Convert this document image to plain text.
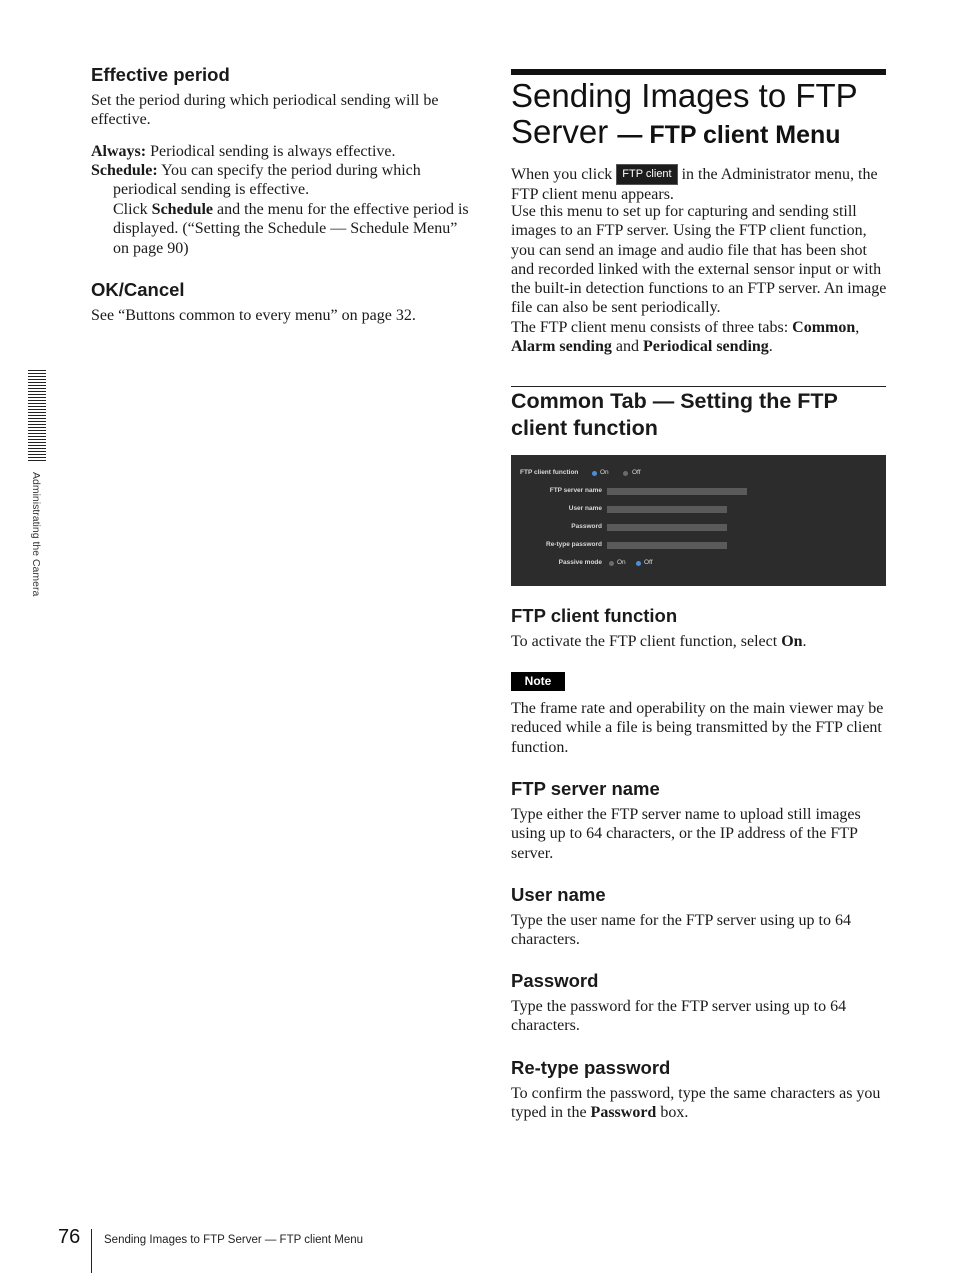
Effective period

Set the period during which periodical sending will be effective.

Always: Periodical sending is always effective.

Schedule: You can specify the period during which periodical sending is effective.

Click Schedule and the menu for the effective period is displayed. (“Setting the Schedule — Schedule Menu” on page 90)

OK/Cancel

See “Buttons common to every menu” on page 32.

Sending Images to FTP Server — FTP client Menu

When you click FTP client in the Administrator menu, the FTP client menu appears.

Use this menu to set up for capturing and sending still images to an FTP server. Using the FTP client function, you can send an image and audio file that has been shot and recorded linked with the external sensor input or with the built-in detection functions to an FTP server. An image file can also be sent periodically.

The FTP client menu consists of three tabs: Common, Alarm sending and Periodical sending.

Common Tab — Setting the FTP client function
FTP client function	On	Off
FTP server name
User name
Password
Re-type password
Passive mode On	Off
FTP client function

To activate the FTP client function, select On.

Note

The frame rate and operability on the main viewer may be reduced while a file is being transmitted by the FTP client function.

FTP server name

Type either the FTP server name to upload still images using up to 64 characters, or the IP address of the FTP server.

User name

Type the user name for the FTP server using up to 64 characters.

Password

Type the password for the FTP server using up to 64 characters.

Re-type password

To confirm the password, type the same characters as you typed in the Password box.

Administrating the Camera
76 Sending Images to FTP Server — FTP client Menu
